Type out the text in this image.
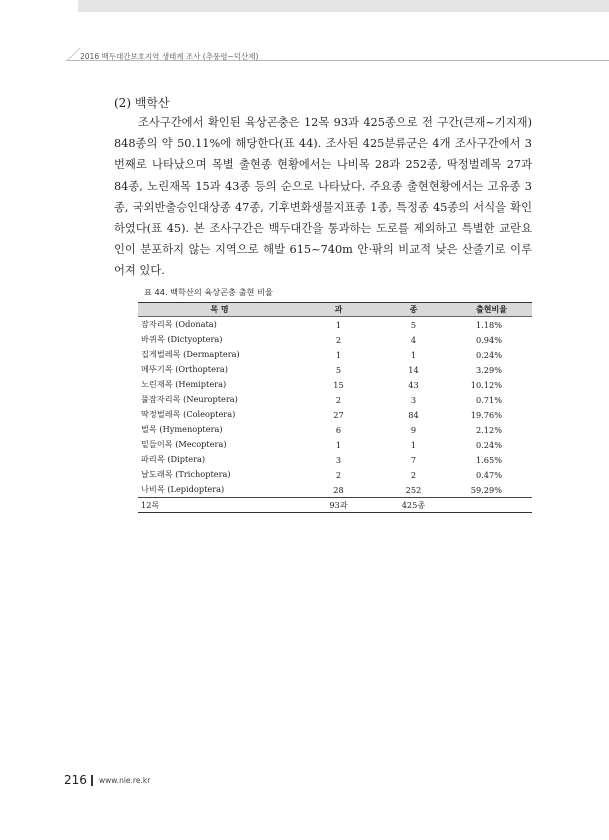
2016 백두대간보호지역 생태계 조사 (추풍령~덕산재)
(2) 백학산

조사구간에서 확인된 육상곤충은 12목 93과 425종으로 전 구간(큰재~기지재) 848종의 약 50.11%에 해당한다(표 44). 조사된 425분류군은 4개 조사구간에서 3번째로 나타났으며 목별 출현종 현황에서는 나비목 28과 252종, 딱정벌레목 27과 84종, 노린재목 15과 43종 등의 순으로 나타났다. 주요종 출현현황에서는 고유종 3종, 국외반출승인대상종 47종, 기후변화생물지표종 1종, 특정종 45종의 서식을 확인하였다(표 45). 본 조사구간은 백두대간을 통과하는 도로를 제외하고 특별한 교란요인이 분포하지 않는 지역으로 해발 615~740m 안·팎의 비교적 낮은 산줄기로 이루어져 있다.

표 44. 백학산의 육상곤충 출현 비율
목 명	과	종	출현비율
잠자리목 (Odonata)	1	5	1.18%
바퀴목 (Dictyoptera)	2	4	0.94%
집게벌레목 (Dermaptera)	1	1	0.24%
메뚜기목 (Orthoptera)	5	14	3.29%
노린재목 (Hemiptera)	15	43	10.12%
풀잠자리목 (Neuroptera)	2	3	0.71%
딱정벌레목 (Coleoptera)	27	84	19.76%
벌목 (Hymenoptera)	6	9	2.12%
밑들이목 (Mecoptera)	1	1	0.24%
파리목 (Diptera)	3	7	1.65%
날도래목 (Trichoptera)	2	2	0.47%
나비목 (Lepidoptera)	28	252	59.29%
12목	93과	425종	
216 www.nie.re.kr
